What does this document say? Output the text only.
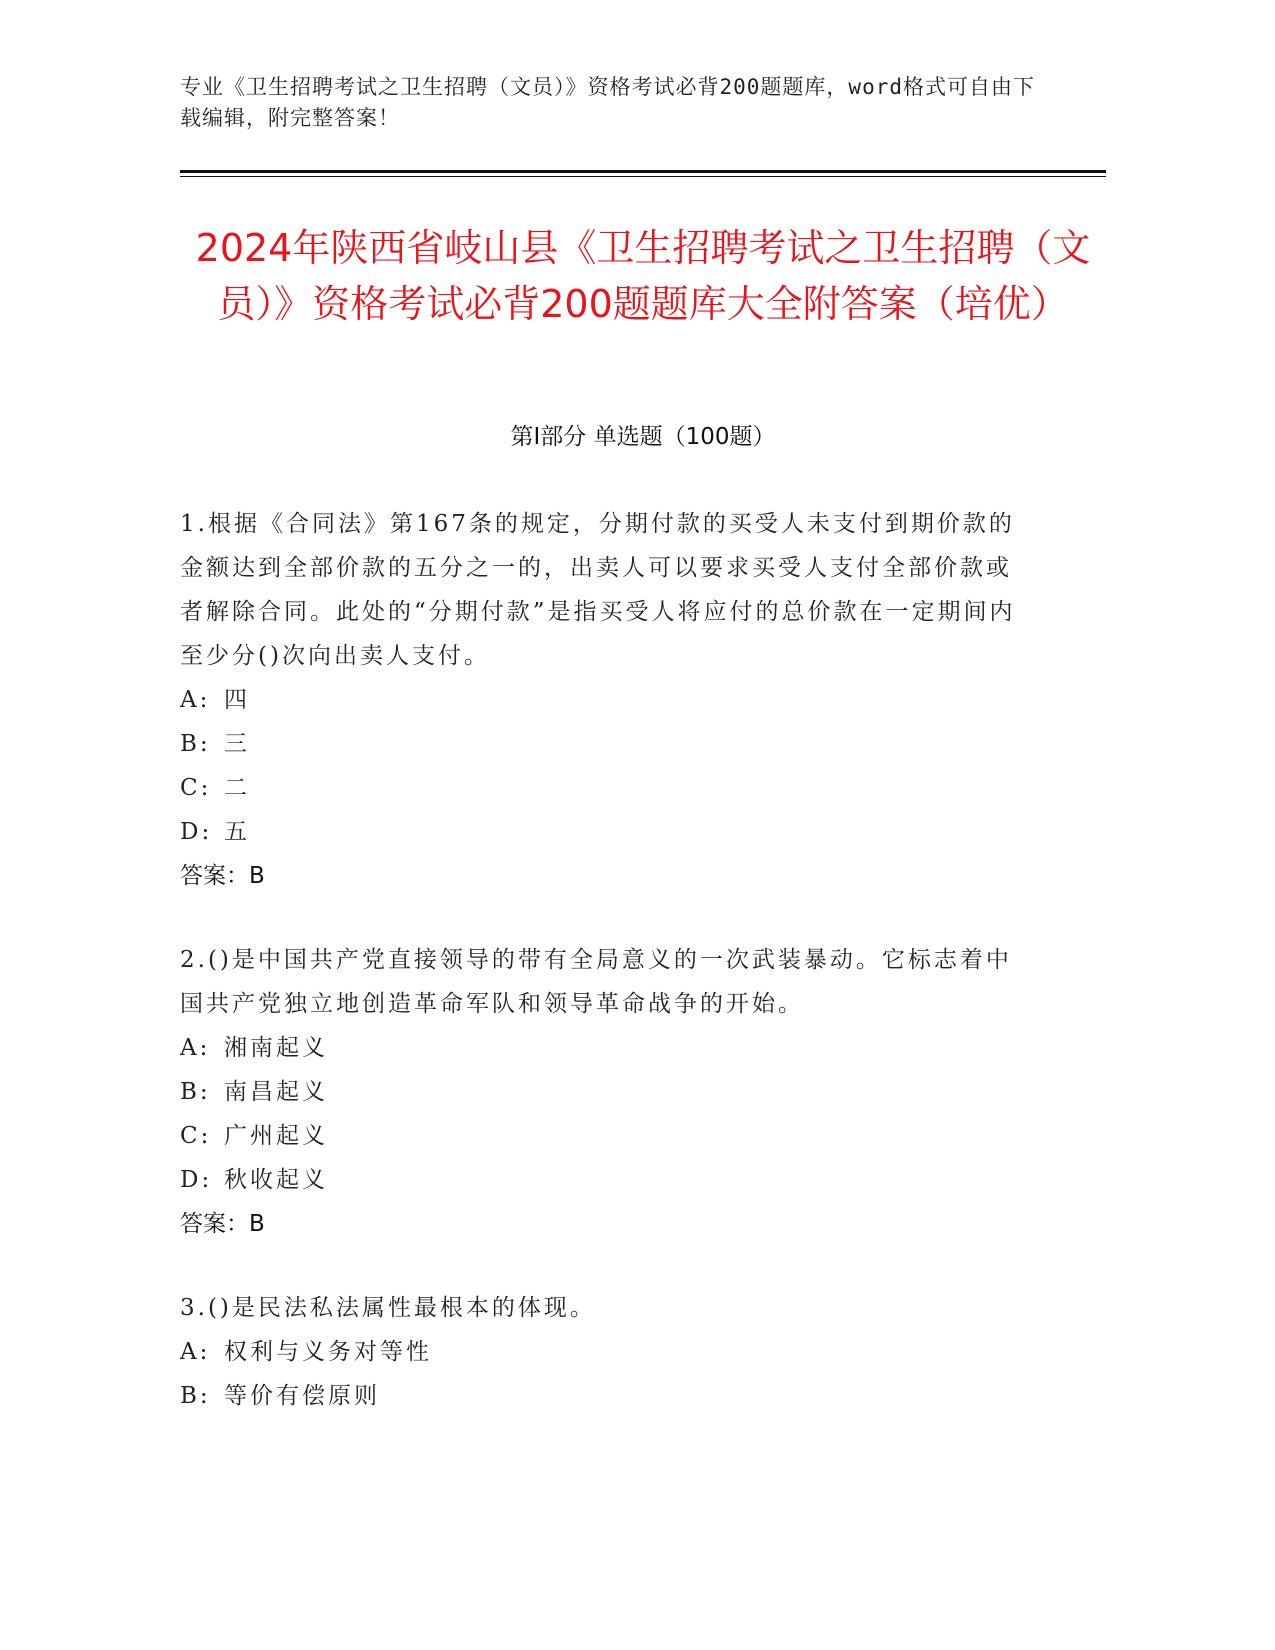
专业《卫生招聘考试之卫生招聘（文员）》资格考试必背200题题库，word格式可自由下载编辑，附完整答案！
2024年陕西省岐山县《卫生招聘考试之卫生招聘（文员）》资格考试必背200题题库大全附答案（培优）
第I部分 单选题（100题）
1.根据《合同法》第167条的规定，分期付款的买受人未支付到期价款的金额达到全部价款的五分之一的，出卖人可以要求买受人支付全部价款或者解除合同。此处的“分期付款”是指买受人将应付的总价款在一定期间内至少分()次向出卖人支付。
A: 四
B: 三
C: 二
D: 五
答案：B
2.()是中国共产党直接领导的带有全局意义的一次武装暴动。它标志着中国共产党独立地创造革命军队和领导革命战争的开始。
A: 湘南起义
B: 南昌起义
C: 广州起义
D: 秋收起义
答案：B
3.()是民法私法属性最根本的体现。
A: 权利与义务对等性
B: 等价有偿原则
